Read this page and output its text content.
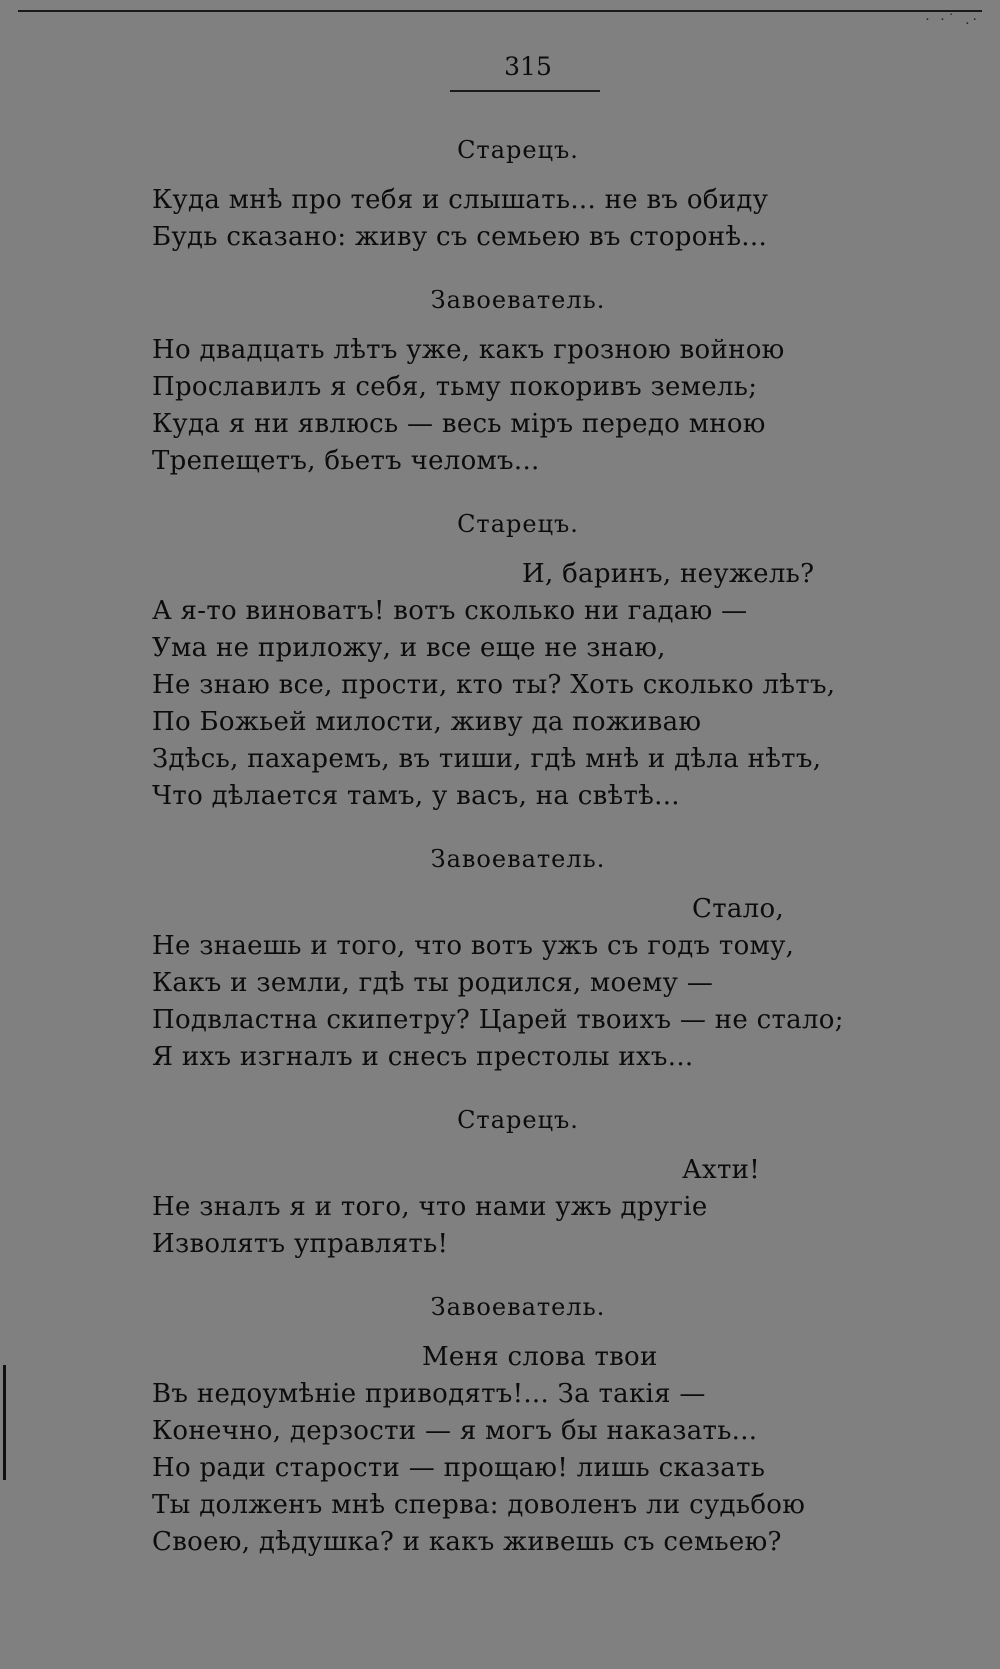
· ·˙ .·
315
Старецъ.
Куда мнѣ про тебя и слышать... не въ обиду
Будь сказано: живу съ семьею въ сторонѣ...
Завоеватель.
Но двадцать лѣтъ уже, какъ грозною войною
Прославилъ я себя, тьму покоривъ земель;
Куда я ни явлюсь — весь міръ передо мною
Трепещетъ, бьетъ челомъ...
Старецъ.
И, баринъ, неужель?
А я-то виноватъ! вотъ сколько ни гадаю —
Ума не приложу, и все еще не знаю,
Не знаю все, прости, кто ты? Хоть сколько лѣтъ,
По Божьей милости, живу да поживаю
Здѣсь, пахаремъ, въ тиши, гдѣ мнѣ и дѣла нѣтъ,
Что дѣлается тамъ, у васъ, на свѣтѣ...
Завоеватель.
Стало,
Не знаешь и того, что вотъ ужъ съ годъ тому,
Какъ и земли, гдѣ ты родился, моему —
Подвластна скипетру? Царей твоихъ — не стало;
Я ихъ изгналъ и снесъ престолы ихъ...
Старецъ.
Ахти!
Не зналъ я и того, что нами ужъ другіе
Изволятъ управлять!
Завоеватель.
Меня слова твои
Въ недоумѣніе приводятъ!... За такія —
Конечно, дерзости — я могъ бы наказать...
Но ради старости — прощаю! лишь сказать
Ты долженъ мнѣ сперва: доволенъ ли судьбою
Своею, дѣдушка? и какъ живешь съ семьею?
